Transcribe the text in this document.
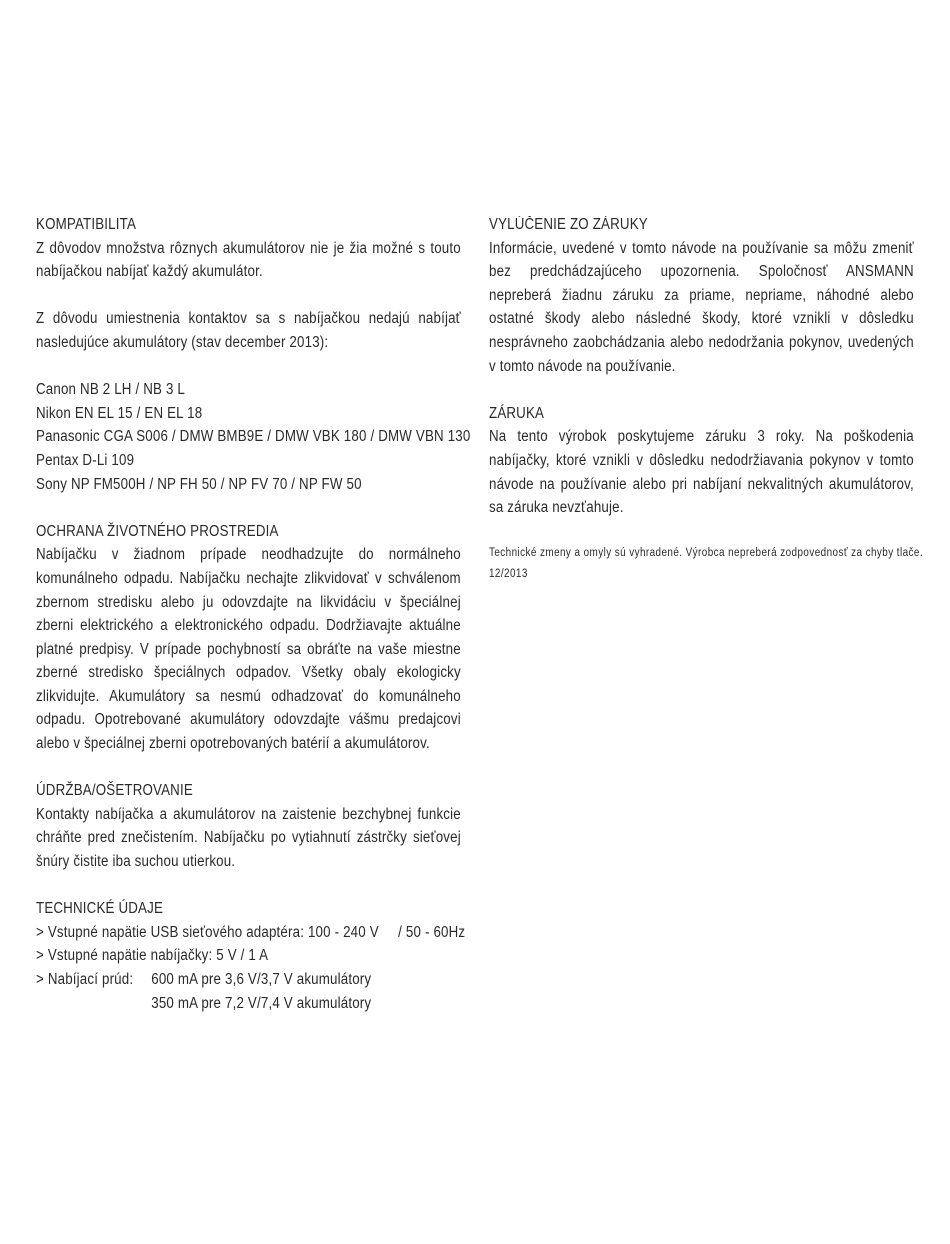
KOMPATIBILITA
Z dôvodov množstva rôznych akumulátorov nie je žia možné s touto nabíjačkou nabíjať každý akumulátor.
Z dôvodu umiestnenia kontaktov sa s nabíjačkou nedajú nabíjať nasledujúce akumulátory (stav december 2013):
Canon NB 2 LH / NB 3 L
Nikon EN EL 15 / EN EL 18
Panasonic CGA S006 / DMW BMB9E / DMW VBK 180 / DMW VBN 130
Pentax D-Li 109
Sony NP FM500H / NP FH 50 / NP FV 70 / NP FW 50
OCHRANA ŽIVOTNÉHO PROSTREDIA
Nabíjačku v žiadnom prípade neodhadzujte do normálneho komunálneho odpadu. Nabíjačku nechajte zlikvidovať v schválenom zbernom stredisku alebo ju odovzdajte na likvidáciu v špeciálnej zberni elektrického a elektronického odpadu. Dodržiavajte aktuálne platné predpisy. V prípade pochybností sa obráťte na vaše miestne zberné stredisko špeciálnych odpadov. Všetky obaly ekologicky zlikvidujte. Akumulátory sa nesmú odhadzovať do komunálneho odpadu. Opotrebované akumulátory odovzdajte vášmu predajcovi alebo v špeciálnej zberni opotrebovaných batérií a akumulátorov.
ÚDRŽBA/OŠETROVANIE
Kontakty nabíjačka a akumulátorov na zaistenie bezchybnej funkcie chráňte pred znečistením. Nabíjačku po vytiahnutí zástrčky sieťovej šnúry čistite iba suchou utierkou.
TECHNICKÉ ÚDAJE
> Vstupné napätie USB sieťového adaptéra: 100 - 240 V     / 50 - 60Hz
> Vstupné napätie nabíjačky: 5 V / 1 A
> Nabíjací prúd: 600 mA pre 3,6 V/3,7 V akumulátory

350 mA pre 7,2 V/7,4 V akumulátory
VYLÚČENIE ZO ZÁRUKY
Informácie, uvedené v tomto návode na používanie sa môžu zmeniť bez predchádzajúceho upozornenia. Spoločnosť ANSMANN nepreberá žiadnu záruku za priame, nepriame, náhodné alebo ostatné škody alebo následné škody, ktoré vznikli v dôsledku nesprávneho zaobchádzania alebo nedodržania pokynov, uvedených v tomto návode na používanie.
ZÁRUKA
Na tento výrobok poskytujeme záruku 3 roky. Na poškodenia nabíjačky, ktoré vznikli v dôsledku nedodržiavania pokynov v tomto návode na používanie alebo pri nabíjaní nekvalitných akumulátorov, sa záruka nevzťahuje.
Technické zmeny a omyly sú vyhradené. Výrobca nepreberá zodpovednosť za chyby tlače.
12/2013
